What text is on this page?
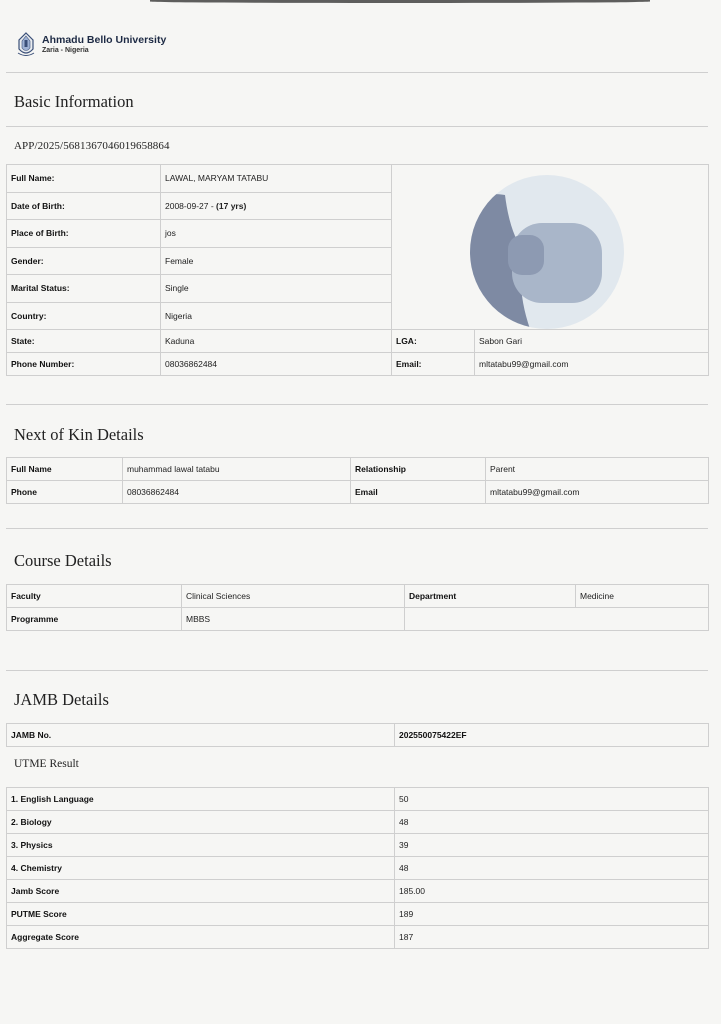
Ahmadu Bello University
Zaria - Nigeria
Basic Information
APP/2025/5681367046019658864
Full Name:	LAWAL, MARYAM TATABU	

Date of Birth:	2008-09-27 - (17 yrs)		
Place of Birth:	jos		
Gender:	Female		
Marital Status:	Single		
Country:	Nigeria		
State:	Kaduna	LGA:	Sabon Gari
Phone Number:	08036862484	Email:	mltatabu99@gmail.com
Next of Kin Details
Full Name	muhammad lawal tatabu	Relationship	Parent
Phone	08036862484	Email	mltatabu99@gmail.com
Course Details
Faculty	Clinical Sciences	Department	Medicine
Programme	MBBS		
JAMB Details
JAMB No.	202550075422EF
UTME Result
1. English Language	50
2. Biology	48
3. Physics	39
4. Chemistry	48
Jamb Score	185.00
PUTME Score	189
Aggregate Score	187
